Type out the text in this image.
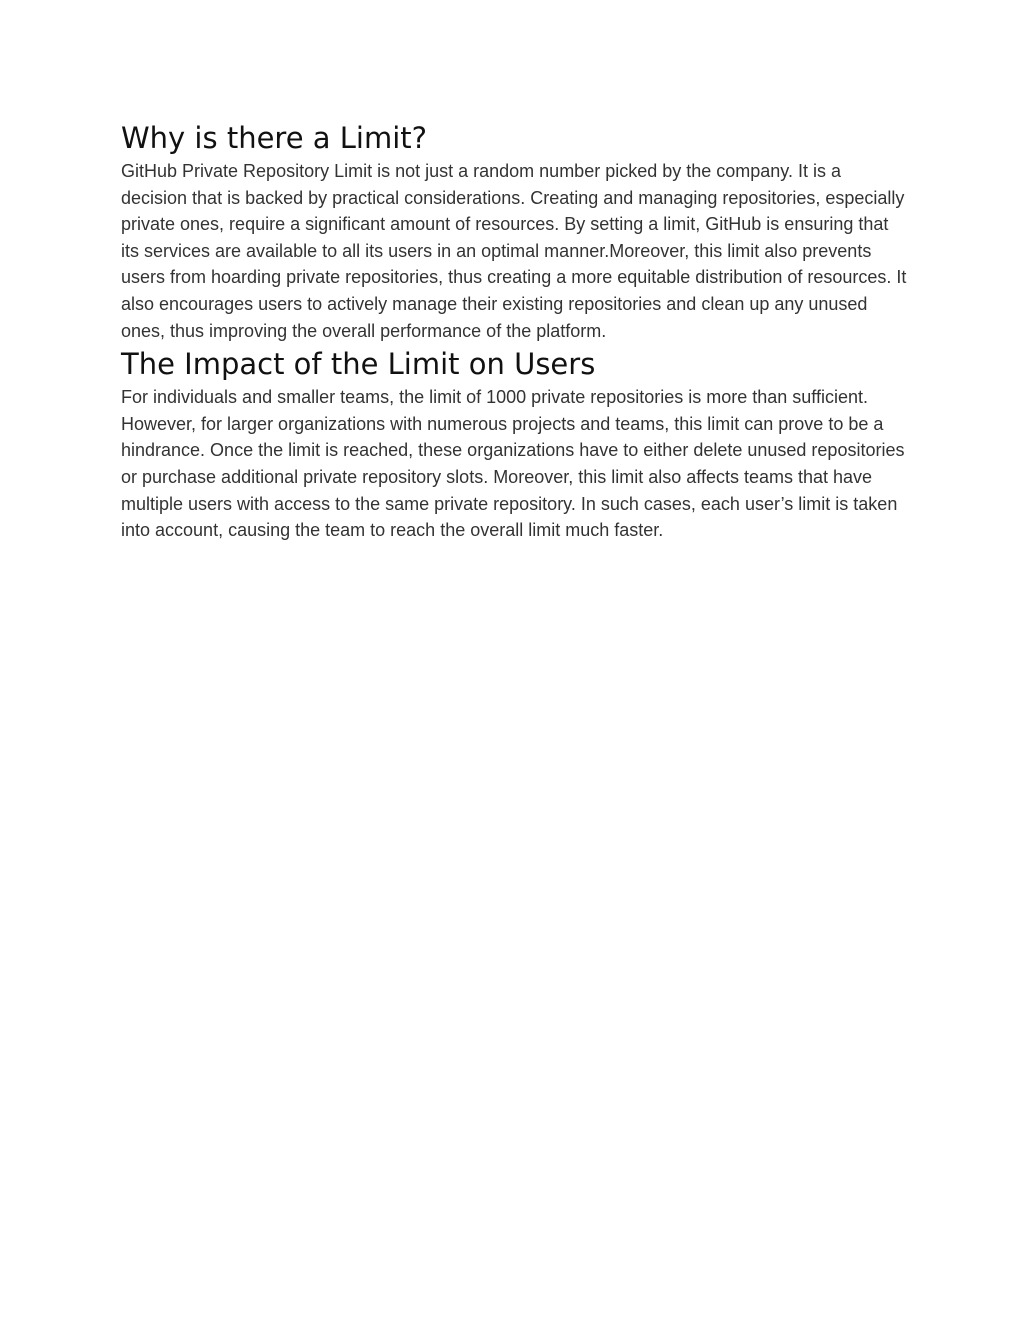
Why is there a Limit?

GitHub Private Repository Limit is not just a random number picked by the company. It is a decision that is backed by practical considerations. Creating and managing repositories, especially private ones, require a significant amount of resources. By setting a limit, GitHub is ensuring that its services are available to all its users in an optimal manner.Moreover, this limit also prevents users from hoarding private repositories, thus creating a more equitable distribution of resources. It also encourages users to actively manage their existing repositories and clean up any unused ones, thus improving the overall performance of the platform.

The Impact of the Limit on Users

For individuals and smaller teams, the limit of 1000 private repositories is more than sufficient. However, for larger organizations with numerous projects and teams, this limit can prove to be a hindrance. Once the limit is reached, these organizations have to either delete unused repositories or purchase additional private repository slots. Moreover, this limit also affects teams that have multiple users with access to the same private repository. In such cases, each user’s limit is taken into account, causing the team to reach the overall limit much faster.
